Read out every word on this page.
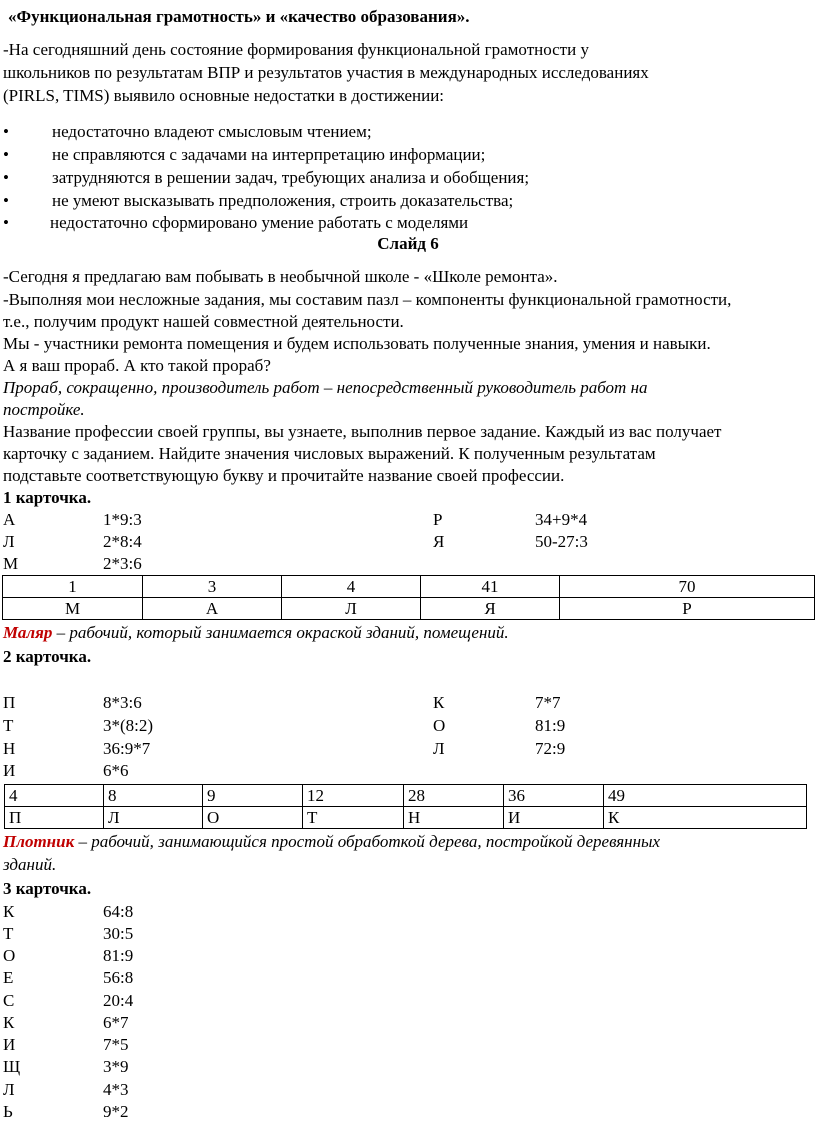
«Функциональная грамотность» и «качество образования».
-На сегодняшний день состояние формирования функциональной грамотности у
школьников по результатам ВПР и результатов участия в международных исследованиях
(PIRLS, TIMS) выявило основные недостатки в достижении:
•	недостаточно владеют смысловым чтением;
•	не справляются с задачами на интерпретацию информации;
•	затрудняются в решении задач, требующих анализа и обобщения;
•	не умеют высказывать предположения, строить доказательства;
• недостаточно сформировано умение работать с моделями
Слайд 6
-Сегодня я предлагаю вам побывать в необычной школе - «Школе ремонта».
-Выполняя мои несложные задания, мы составим пазл – компоненты функциональной грамотности,
т.е., получим продукт нашей совместной деятельности.
Мы - участники ремонта помещения и будем использовать полученные знания, умения и навыки.
А я ваш прораб. А кто такой прораб?
Прораб, сокращенно, производитель работ – непосредственный руководитель работ на
постройке.
Название профессии своей группы, вы узнаете, выполнив первое задание. Каждый из вас получает
карточку с заданием. Найдите значения числовых выражений. К полученным результатам
подставьте соответствующую букву и прочитайте название своей профессии.
1 карточка.
А	1*9:3	Р	34+9*4
Л	2*8:4	Я	50-27:3
М	2*3:6
1	3	4	41	70
М	А	Л	Я	Р
Маляр – рабочий, который занимается окраской зданий, помещений.
2 карточка.
П	8*3:6	К	7*7
Т	3*(8:2)	О	81:9
Н	36:9*7	Л	72:9
И	6*6
4	8	9	12	28	36	49
П	Л	О	Т	Н	И	К
Плотник – рабочий, занимающийся простой обработкой дерева, постройкой деревянных
зданий.
3 карточка.
К	64:8
Т	30:5
О	81:9
Е	56:8
С	20:4
К	6*7
И	7*5
Щ	3*9
Л	4*3
Ь	9*2
